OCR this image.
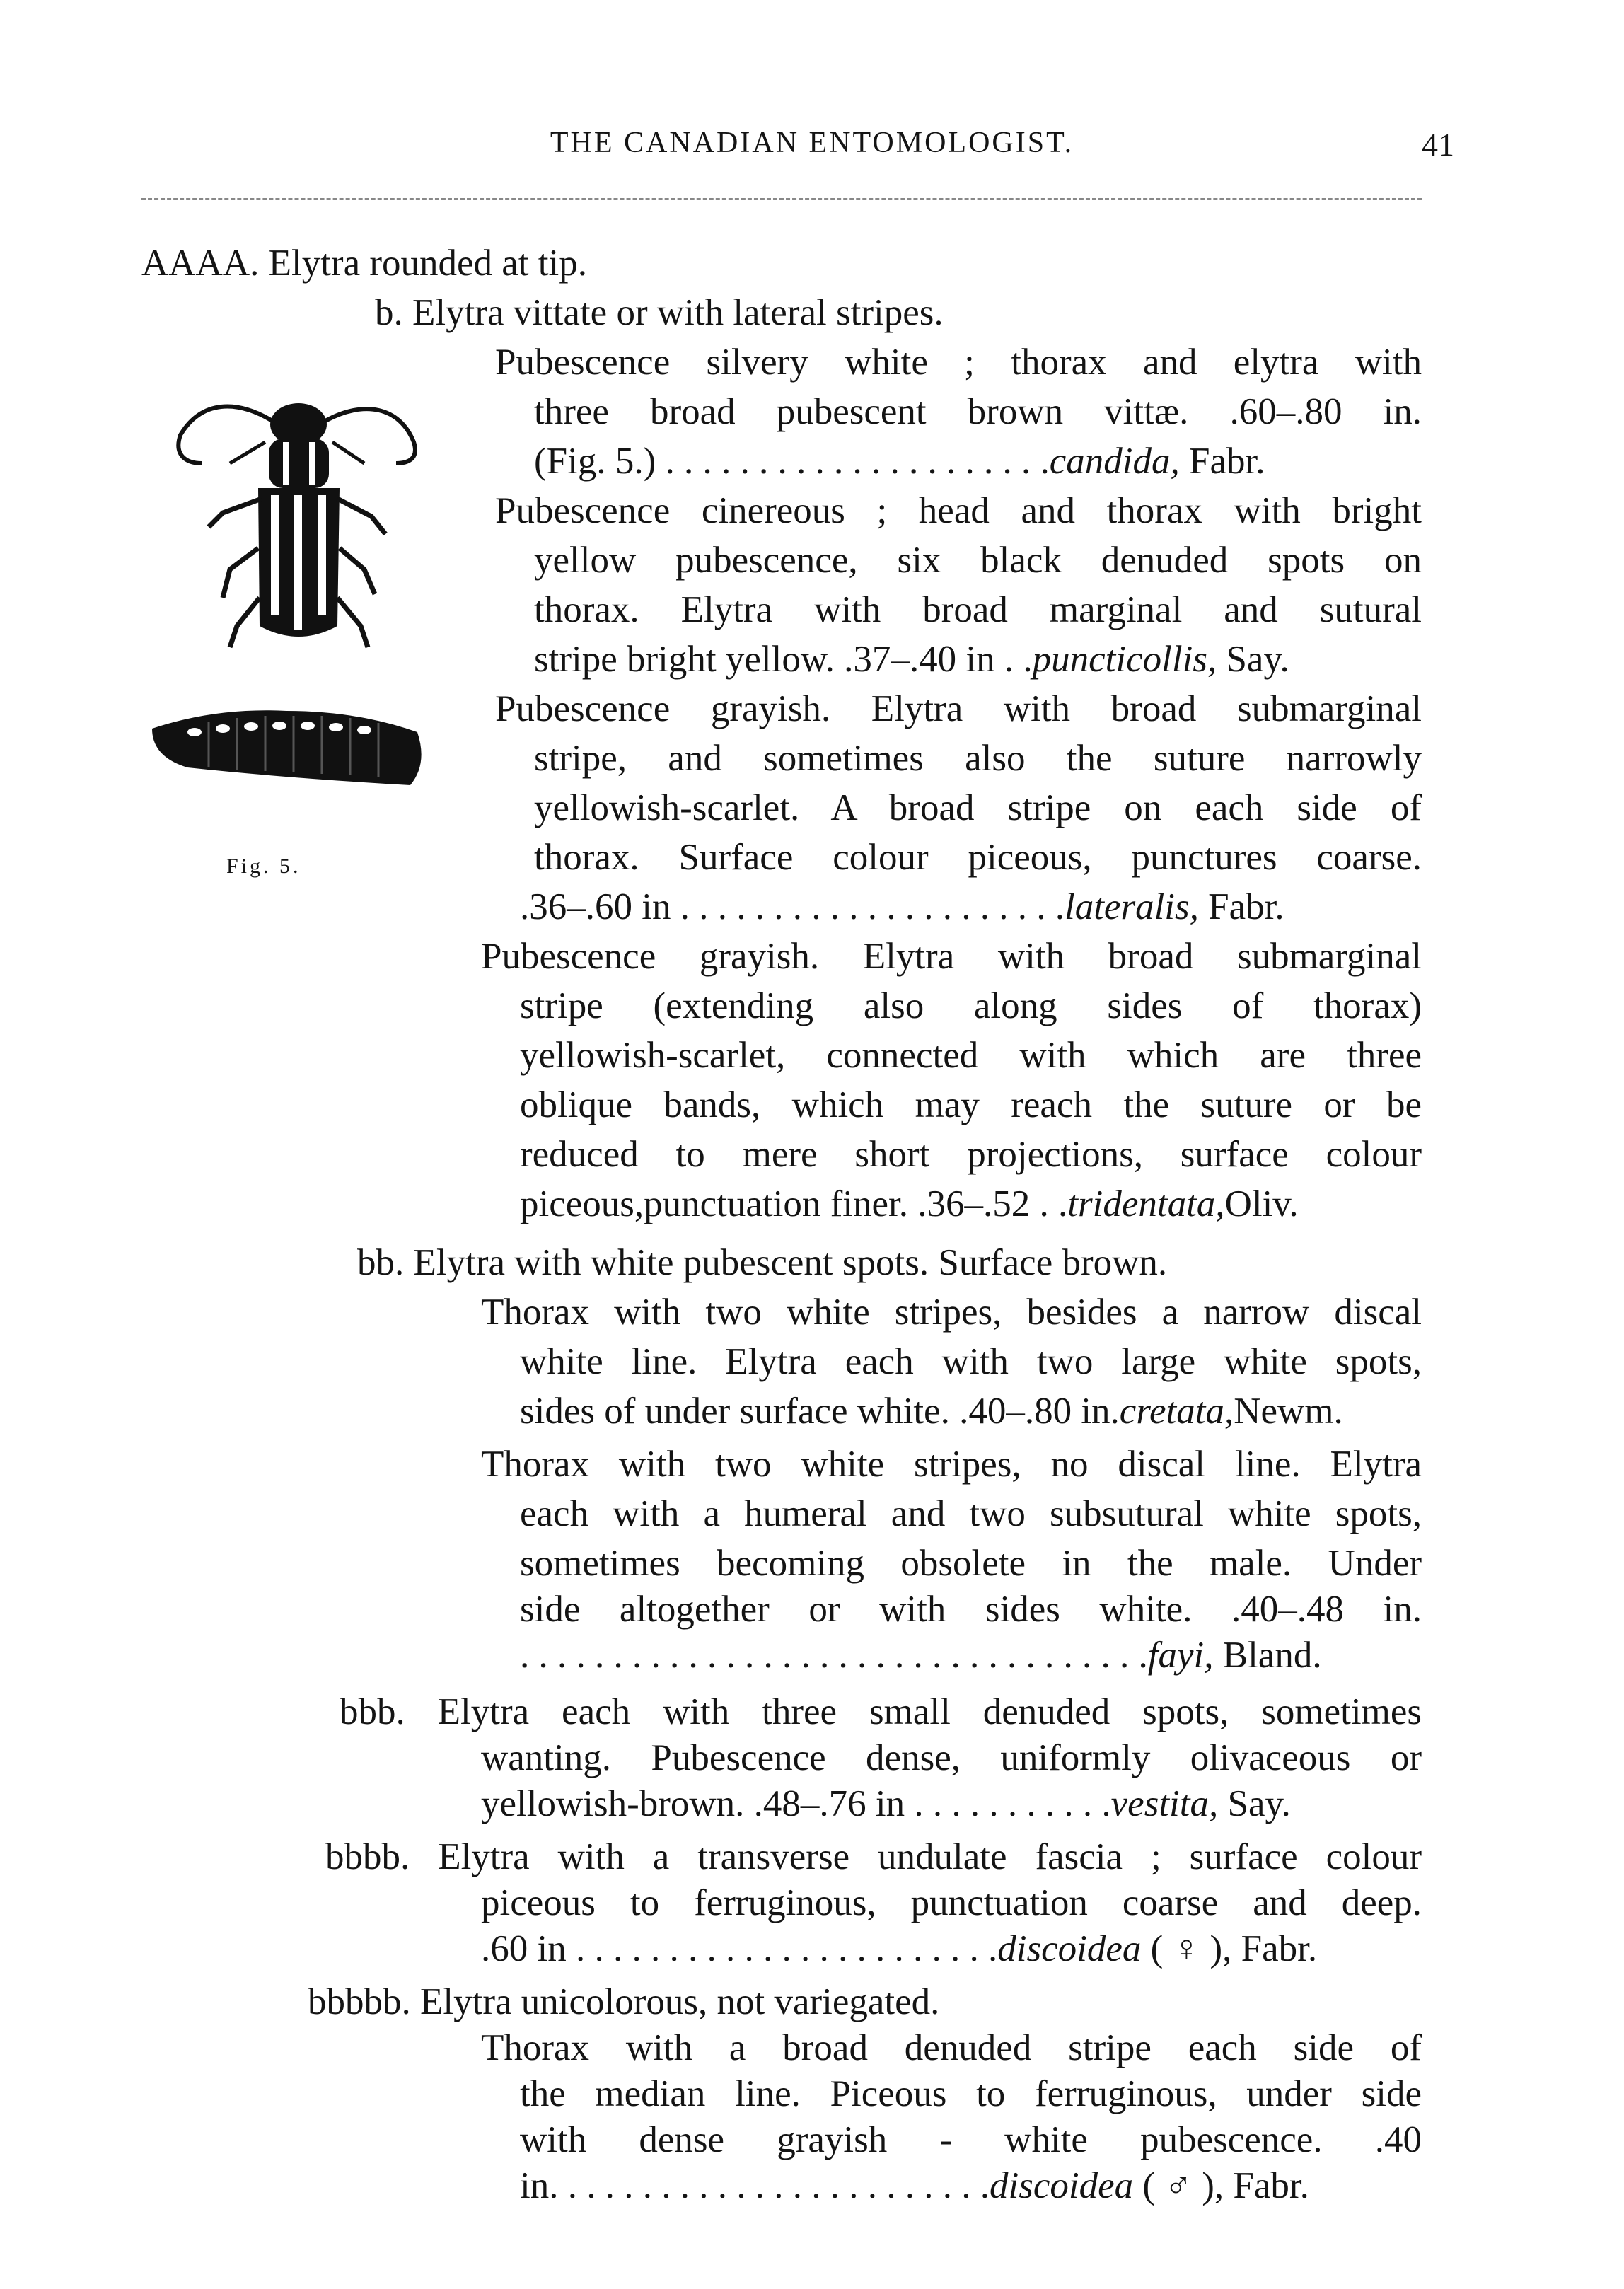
THE CANADIAN ENTOMOLOGIST.	41
Fig. 5.
AAAA. Elytra rounded at tip.
b. Elytra vittate or with lateral stripes.
Pubescence silvery white ; thorax and elytra with
three broad pubescent brown vittæ. .60–.80 in.
(Fig. 5.) . . . . . . . . . . . . . . . . . . . . .candida, Fabr.
Pubescence cinereous ; head and thorax with bright
yellow pubescence, six black denuded spots on
thorax. Elytra with broad marginal and sutural
stripe bright yellow. .37–.40 in . .puncticollis, Say.
Pubescence grayish. Elytra with broad submarginal
stripe, and sometimes also the suture narrowly
yellowish-scarlet. A broad stripe on each side of
thorax. Surface colour piceous, punctures coarse.
.36–.60 in . . . . . . . . . . . . . . . . . . . . .lateralis, Fabr.
Pubescence grayish. Elytra with broad submarginal
stripe (extending also along sides of thorax)
yellowish-scarlet, connected with which are three
oblique bands, which may reach the suture or be
reduced to mere short projections, surface colour
piceous,punctuation finer. .36–.52 . .tridentata,Oliv.
bb. Elytra with white pubescent spots. Surface brown.
Thorax with two white stripes, besides a narrow discal
white line. Elytra each with two large white spots,
sides of under surface white. .40–.80 in.cretata,Newm.
Thorax with two white stripes, no discal line. Elytra
each with a humeral and two subsutural white spots,
sometimes becoming obsolete in the male. Under
side altogether or with sides white. .40–.48 in.
. . . . . . . . . . . . . . . . . . . . . . . . . . . . . . . . . .fayi, Bland.
bbb. Elytra each with three small denuded spots, sometimes
wanting. Pubescence dense, uniformly olivaceous or
yellowish-brown. .48–.76 in . . . . . . . . . . .vestita, Say.
bbbb. Elytra with a transverse undulate fascia ; surface colour
piceous to ferruginous, punctuation coarse and deep.
.60 in . . . . . . . . . . . . . . . . . . . . . . .discoidea ( ♀ ), Fabr.
bbbbb. Elytra unicolorous, not variegated.
Thorax with a broad denuded stripe each side of
the median line. Piceous to ferruginous, under side
with dense grayish - white pubescence. .40
in. . . . . . . . . . . . . . . . . . . . . . . .discoidea ( ♂ ), Fabr.
